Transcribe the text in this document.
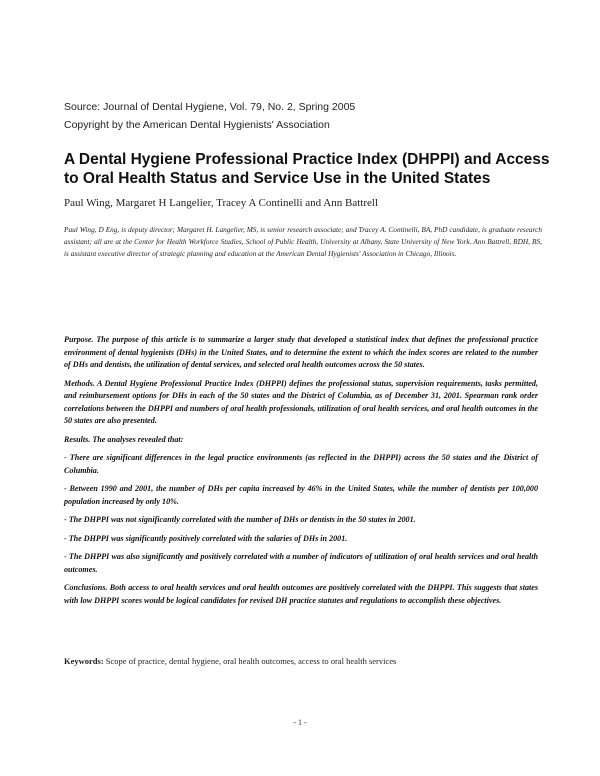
Source: Journal of Dental Hygiene, Vol. 79, No. 2, Spring 2005
Copyright by the American Dental Hygienists' Association
A Dental Hygiene Professional Practice Index (DHPPI) and Access to Oral Health Status and Service Use in the United States
Paul Wing, Margaret H Langelier, Tracey A Continelli and Ann Battrell
Paul Wing, D Eng, is deputy director; Margaret H. Langelier, MS, is senior research associate; and Tracey A. Continelli, BA, PhD candidate, is graduate research assistant; all are at the Center for Health Workforce Studies, School of Public Health, University at Albany, State University of New York. Ann Battrell, RDH, BS, is assistant executive director of strategic planning and education at the American Dental Hygienists' Association in Chicago, Illinois.

Purpose. The purpose of this article is to summarize a larger study that developed a statistical index that defines the professional practice environment of dental hygienists (DHs) in the United States, and to determine the extent to which the index scores are related to the number of DHs and dentists, the utilization of dental services, and selected oral health outcomes across the 50 states.

Methods. A Dental Hygiene Professional Practice Index (DHPPI) defines the professional status, supervision requirements, tasks permitted, and reimbursement options for DHs in each of the 50 states and the District of Columbia, as of December 31, 2001. Spearman rank order correlations between the DHPPI and numbers of oral health professionals, utilization of oral health services, and oral health outcomes in the 50 states are also presented.

Results. The analyses revealed that:

- There are significant differences in the legal practice environments (as reflected in the DHPPI) across the 50 states and the District of Columbia.

- Between 1990 and 2001, the number of DHs per capita increased by 46% in the United States, while the number of dentists per 100,000 population increased by only 10%.

- The DHPPI was not significantly correlated with the number of DHs or dentists in the 50 states in 2001.

- The DHPPI was significantly positively correlated with the salaries of DHs in 2001.

- The DHPPI was also significantly and positively correlated with a number of indicators of utilization of oral health services and oral health outcomes.

Conclusions. Both access to oral health services and oral health outcomes are positively correlated with the DHPPI. This suggests that states with low DHPPI scores would be logical candidates for revised DH practice statutes and regulations to accomplish these objectives.

Keywords: Scope of practice, dental hygiene, oral health outcomes, access to oral health services
- 1 -
